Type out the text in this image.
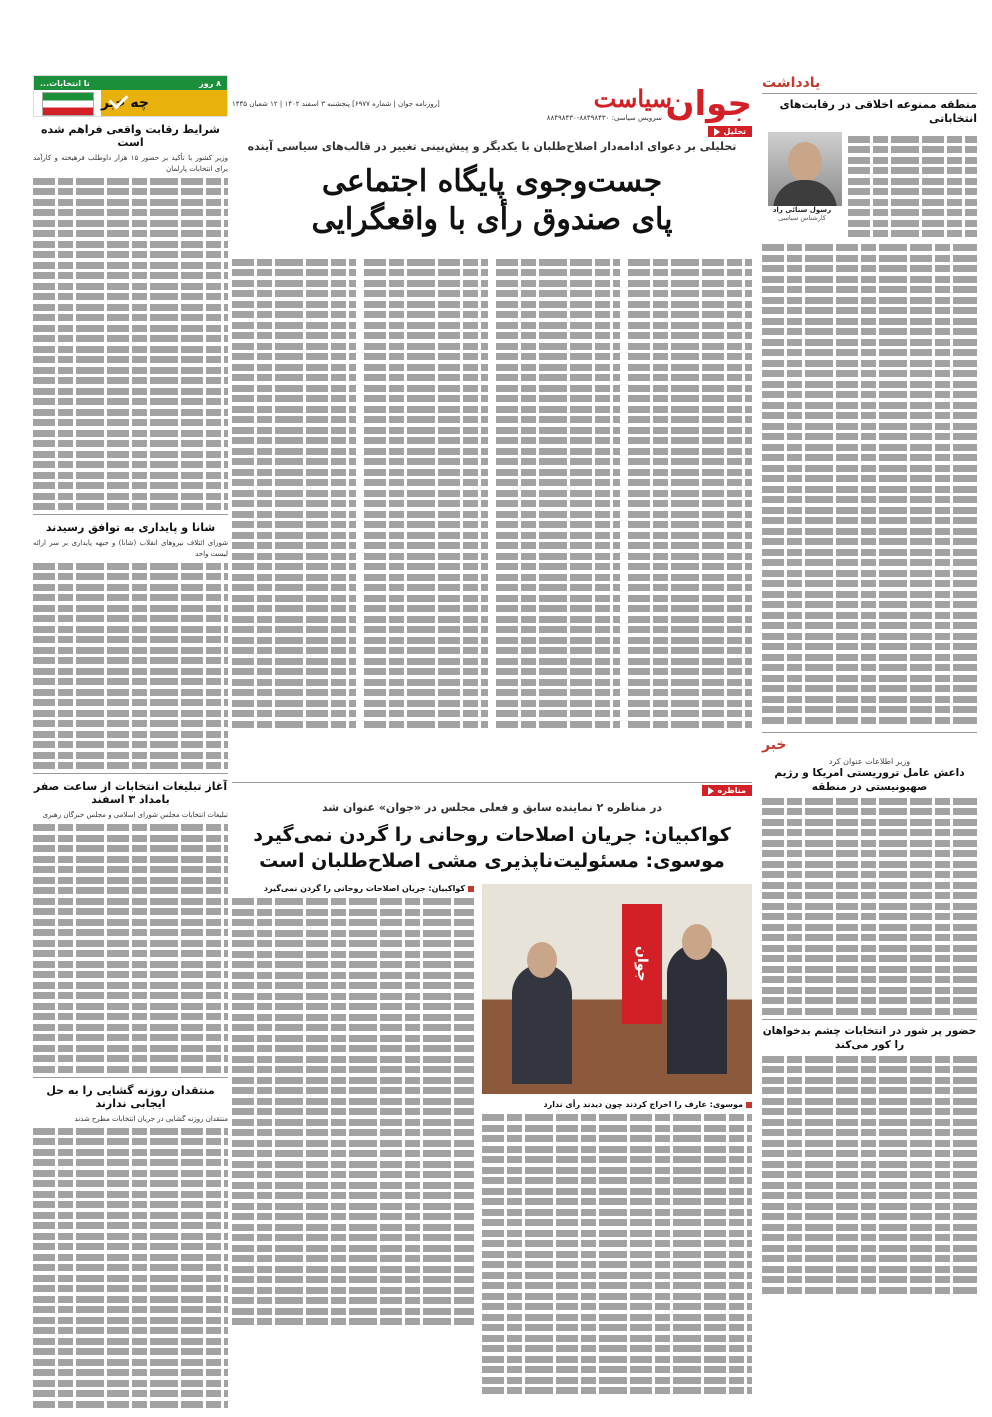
۸ روز
تا انتخابات...
چه خبر
شرایط رقابت واقعی فراهم شده است
وزیر کشور با تأکید بر حضور ۱۵ هزار داوطلب فرهیخته و کارآمد برای انتخابات پارلمان
شانا و پایداری به توافق رسیدند
شورای ائتلاف نیروهای انقلاب (شانا) و جبهه پایداری بر سر ارائه لیست واحد
آغاز تبلیغات انتخابات از ساعت صفر بامداد ۳ اسفند
تبلیغات انتخابات مجلس شورای اسلامی و مجلس خبرگان رهبری
منتقدان روزنه گشایی را به حل ایجابی ندارند
منتقدان روزنه گشایی در جریان انتخابات مطرح شدند
جوان
سیاست
سرویس سیاسی: ۸۸۴۹۸۴۳۰-۸۸۴۹۸۴۳۰
[روزنامه جوان | شماره ۶۹۷۷] پنجشنبه ۳ اسفند ۱۴۰۲ | ۱۲ شعبان ۱۴۴۵
تحلیل
تحلیلی بر دعوای ادامه‌دار اصلاح‌طلبان با یکدیگر و پیش‌بینی تغییر در قالب‌های سیاسی آینده
جست‌وجوی پایگاه اجتماعی
پای صندوق رأی با واقعگرایی
مناظره
در مناظره ۲ نماینده سابق و فعلی مجلس در «جوان» عنوان شد
کواکبیان: جریان اصلاحات روحانی را گردن نمی‌گیرد
موسوی: مسئولیت‌ناپذیری مشی اصلاح‌طلبان است
جوان
موسوی: عارف را اخراج کردند چون دیدند رأی ندارد
کواکبیان: جریان اصلاحات روحانی را گردن نمی‌گیرد
یادداشت
منطقه ممنوعه اخلاقی در رقابت‌های انتخاباتی
رسول سنائی راد
کارشناس سیاسی
خبر
وزیر اطلاعات عنوان کرد
داعش عامل تروریستی امریکا و رژیم صهیونیستی در منطقه
حضور پر شور در انتخابات چشم‌ بدخواهان را کور می‌کند
